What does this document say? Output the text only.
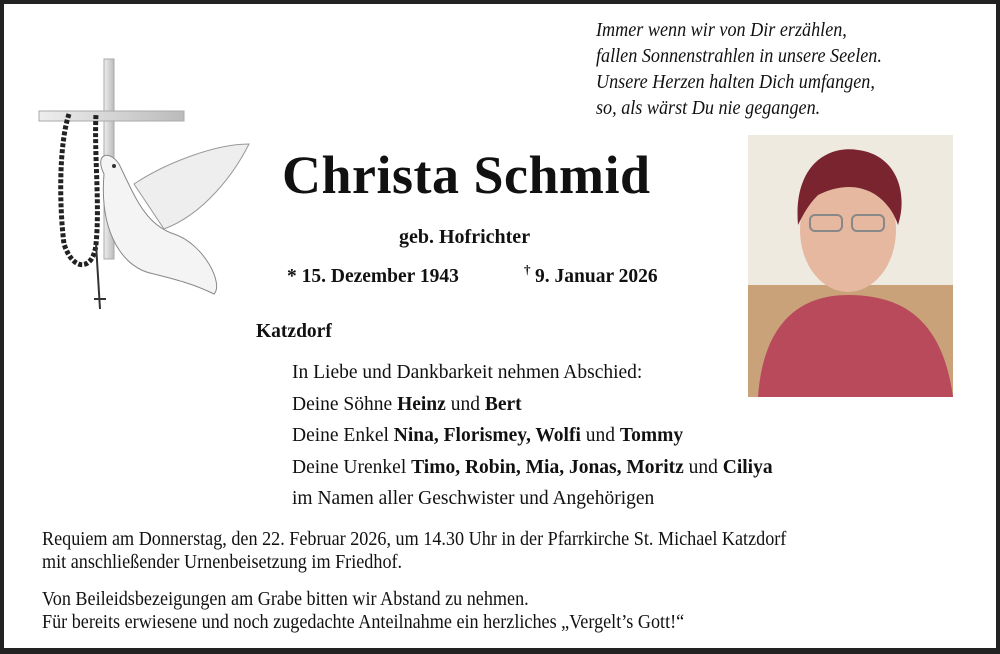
Immer wenn wir von Dir erzählen,
fallen Sonnenstrahlen in unsere Seelen.
Unsere Herzen halten Dich umfangen,
so, als wärst Du nie gegangen.
Christa Schmid
geb. Hofrichter
* 15. Dezember 1943	† 9. Januar 2026
Katzdorf
In Liebe und Dankbarkeit nehmen Abschied:
Deine Söhne Heinz und Bert
Deine Enkel Nina, Florismey, Wolfi und Tommy
Deine Urenkel Timo, Robin, Mia, Jonas, Moritz und Ciliya
im Namen aller Geschwister und Angehörigen
Requiem am Donnerstag, den 22. Februar 2026, um 14.30 Uhr in der Pfarrkirche St. Michael Katzdorf
mit anschließender Urnenbeisetzung im Friedhof.
Von Beileidsbezeigungen am Grabe bitten wir Abstand zu nehmen.
Für bereits erwiesene und noch zugedachte Anteilnahme ein herzliches „Vergelt’s Gott!“
